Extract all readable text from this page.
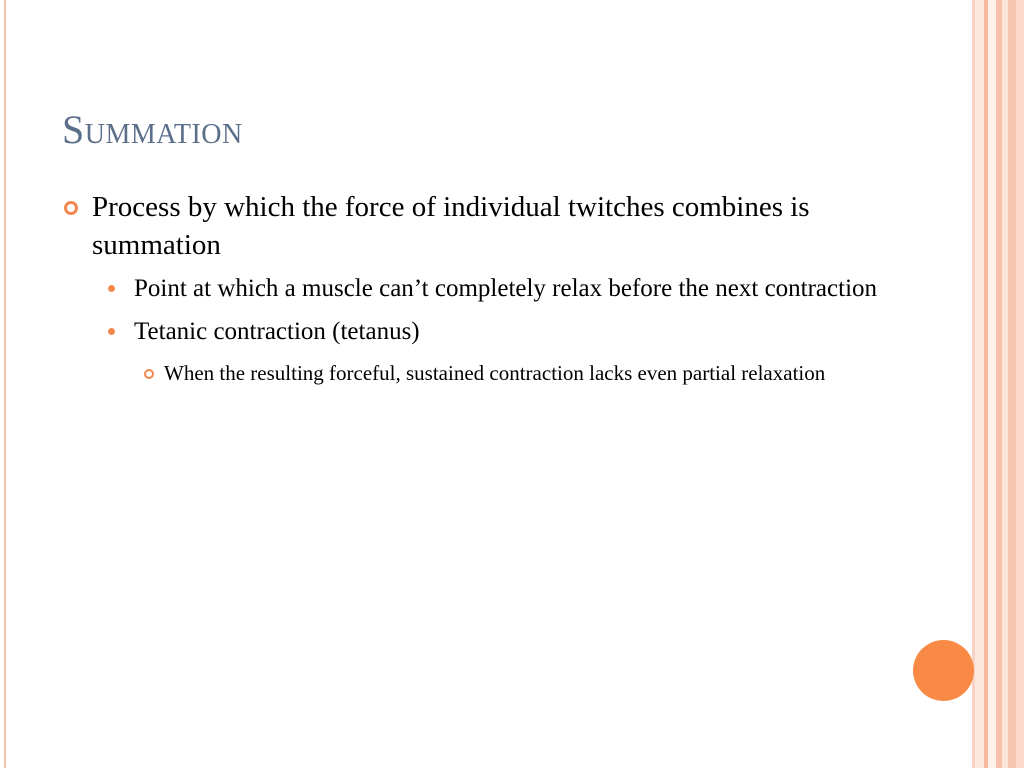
Summation
Process by which the force of individual twitches combines is summation
Point at which a muscle can’t completely relax before the next contraction
Tetanic contraction (tetanus)
When the resulting forceful, sustained contraction lacks even partial relaxation
